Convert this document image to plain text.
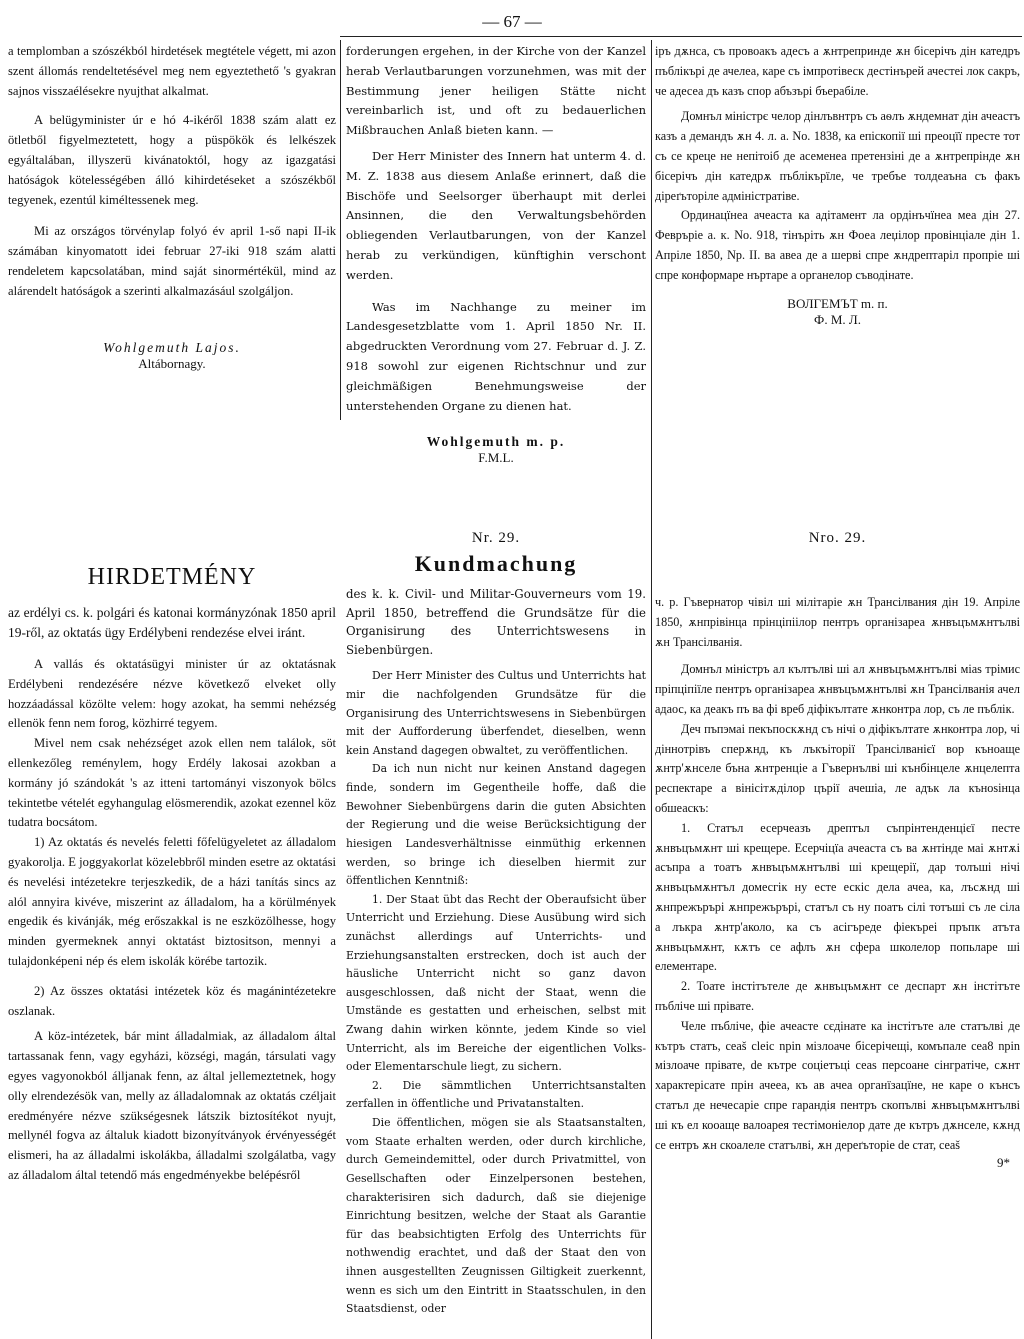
— 67 —

a templomban a szószékból hirdetések megtétele végett, mi azon szent állomás rendeltetésével meg nem egyeztethető 's gyakran sajnos visszaélésekre nyujthat alkalmat.

A belügyminister úr e hó 4-ikéről 1838 szám alatt ez ötletből figyelmeztetett, hogy a püspökök és lelkészek egyáltalában, illyszerü kivánatoktól, hogy az igazgatási hatóságok kötelességében álló kihirdetéseket a szószékből tegyenek, ezentúl kiméltessenek meg.

Mi az országos törvénylap folyó év april 1-ső napi II-ik számában kinyomatott idei februar 27-iki 918 szám alatti rendeletem kapcsolatában, mind saját sinormértékül, mind az alárendelt hatóságok a szerinti alkalmazásául szolgáljon.

Wohlgemuth Lajos.
Altábornagy.

forderungen ergehen, in der Kirche von der Kanzel herab Verlautbarungen vorzunehmen, was mit der Bestimmung jener heiligen Stätte nicht vereinbarlich ist, und oft zu bedauerlichen Mißbrauchen Anlaß bieten kann. —

Der Herr Minister des Innern hat unterm 4. d. M. Z. 1838 aus diesem Anlaße erinnert, daß die Bischöfe und Seelsorger überhaupt mit derlei Ansinnen, die den Verwaltungsbehörden obliegenden Verlautbarungen, von der Kanzel herab zu verkündigen, künftighin verschont werden.

Was im Nachhange zu meiner im Landesgesetzblatte vom 1. April 1850 Nr. II. abgedruckten Verordnung vom 27. Februar d. J. Z. 918 sowohl zur eigenen Richtschnur und zur gleichmäßigen Benehmungsweise der unterstehenden Organe zu dienen hat.

Wohlgemuth m. p.
F.M.L.

іръ дѫнса, съ провоакъ адесъ а ѫнтрепринде ѫн бісерічъ дін катедръ пъблікърі де ачелеа, каре съ імпротівеск дестінърей ачестеі лок сакръ, че адесеа дъ казъ спор абъзърі бъерабіле.

Домнъл міністрє челор дінлъвнтръ съ аѳлъ ѫндемнат дін ачеастъ казъ а демандъ ѫн 4. л. а. No. 1838, ка епіскопії ші преоцїї престе тот съ се креце не непітоіб де асеменеа претензіні де а ѫнтрепрінде ѫн бісерічъ дін катедрѫ пъблікърїле, че требъе толдеаъна съ факъ діреґъторіле адміністратіве.

Ординацїнеа ачеаста ка адітамент ла ордінъчїнеа меа дін 27. Февръріе а. к. No. 918, тінъріть ѫн Фоеа леџілор провінціале дін 1. Апріле 1850, Nр. II. ва авеа де а шерві спре ѫндрептаріл пропріе ші спре конформаре нъртаре а органелор съводінате.

ВОЛГЕМЪТ m. п.
Ф. М. Л.
HIRDETMÉNY

az erdélyi cs. k. polgári és katonai kormányzónak 1850 april 19-ről, az oktatás ügy Erdélybeni rendezése elvei iránt.

A vallás és oktatásügyi minister úr az oktatásnak Erdélybeni rendezésére nézve következő elveket olly hozzáadással közölte velem: hogy azokat, ha semmi nehézség ellenök fenn nem forog, közhirré tegyem.

Mivel nem csak nehézséget azok ellen nem találok, söt ellenkezőleg reménylem, hogy Erdély lakosai azokban a kormány jó szándokát 's az itteni tartományi viszonyok bölcs tekintetbe vételét egyhangulag elösmerendik, azokat ezennel köz tudatra bocsátom.

1) Az oktatás és nevelés feletti főfelügyeletet az álladalom gyakorolja. E joggyakorlat közelebbről minden esetre az oktatási és nevelési intézetekre terjeszkedik, de a házi tanítás sincs az alól annyira kivéve, miszerint az álladalom, ha a körülmények engedik és kivánják, még erőszakkal is ne eszközölhesse, hogy minden gyermeknek annyi oktatást biztositson, mennyi a tulajdonképeni nép és elem iskolák körébe tartozik.

2) Az összes oktatási intézetek köz és magánintézetekre oszlanak.

A köz-intézetek, bár mint álladalmiak, az álladalom által tartassanak fenn, vagy egyházi, községi, magán, társulati vagy egyes vagyonokból álljanak fenn, az által jellemeztetnek, hogy olly elrendezésök van, melly az álladalomnak az oktatás czéljait eredményére nézve szükségesnek látszik biztosítékot nyujt, mellynél fogva az általuk kiadott bizonyítványok érvényességét elismeri, ha az álladalmi iskolákba, álladalmi szolgálatba, vagy az álladalom által tetendő más engedményekbe belépésről

Nr. 29.
Kundmachung

des k. k. Civil- und Militar-Gouverneurs vom 19. April 1850, betreffend die Grundsätze für die Organisirung des Unterrichtswesens in Siebenbürgen.

Der Herr Minister des Cultus und Unterrichts hat mir die nachfolgenden Grundsätze für die Organisirung des Unterrichtswesens in Siebenbürgen mit der Aufforderung überfendet, dieselben, wenn kein Anstand dagegen obwaltet, zu veröffentlichen.

Da ich nun nicht nur keinen Anstand dagegen finde, sondern im Gegentheile hoffe, daß die Bewohner Siebenbürgens darin die guten Absichten der Regierung und die weise Berücksichtigung der hiesigen Landesverhältnisse einmüthig erkennen werden, so bringe ich dieselben hiermit zur öffentlichen Kenntniß:

1. Der Staat übt das Recht der Oberaufsicht über Unterricht und Erziehung. Diese Ausübung wird sich zunächst allerdings auf Unterrichts- und Erziehungsanstalten erstrecken, doch ist auch der häusliche Unterricht nicht so ganz davon ausgeschlossen, daß nicht der Staat, wenn die Umstände es gestatten und erheischen, selbst mit Zwang dahin wirken könnte, jedem Kinde so viel Unterricht, als im Bereiche der eigentlichen Volks- oder Elementarschule liegt, zu sichern.

2. Die sämmtlichen Unterrichtsanstalten zerfallen in öffentliche und Privatanstalten.

Die öffentlichen, mögen sie als Staatsanstalten, vom Staate erhalten werden, oder durch kirchliche, durch Gemeindemittel, oder durch Privatmittel, von Gesellschaften oder Einzelpersonen bestehen, charakterisiren sich dadurch, daß sie diejenige Einrichtung besitzen, welche der Staat als Garantie für das beabsichtigten Erfolg des Unterrichts für nothwendig erachtet, und daß der Staat den von ihnen ausgestellten Zeugnissen Giltigkeit zuerkennt, wenn es sich um den Eintritt in Staatsschulen, in den Staatsdienst, oder

Nro. 29.

ч. р. Гъвернатор чівіл ші мілітаріе ѫн Трансілвания дін 19. Апріле 1850, ѫнпрівінца прінціпіілор пентръ організареа ѫнвъцъмѫнтълві ѫн Трансілванія.

Домнъл міністръ ал кълтълві ші ал ѫнвъцъмѫнтълві міаѕ трімис пріпціпіїле пентръ організареа ѫнвъцъмѫнтълві ѫн Трансілванія ачел адаос, ка деакъ пъ ва фі вреб діфікълтате ѫнконтра лор, съ ле пъблік.

Деч пъпэмаі пекъпоскѫнд съ нічі о діфікълтате ѫнконтра лор, чі діннотрівъ сперѫнд, къ лъкъіторії Трансілванієї вор къноаще ѫнтр'ѫнселе бъна ѫнтренціе а Гъвернълві ші кънбінцеле ѫнцелепта респектаре а вінісітѫділор църії ачешіа, ле адък ла къноѕінца обшеаскъ:

1. Статъл есерчеазъ дрептъл съпрінтенденцієї песте ѫнвъцъмѫнт ші крещере. Есерчіцїа ачеаста съ ва ѫнтінде маі ѫнтѫі асъпра а тоатъ ѫнвъцъмѫнтълві ші крещерії, дар толъші нічі ѫнвъцъмѫнтъл домесгік ну есте ескіс дела ачеа, ка, лъсѫнд ші ѫнпрежърърі ѫнпрежърърі, статъл съ ну поатъ сілі тотъші съ ле сіла а лъкра ѫнтр'аколо, ка съ асігъреде фіекъреі пръпк атъта ѫнвъцъмѫнт, кѫтъ се афлъ ѫн сфера школелор попьларе ші елементаре.

2. Тоате інстітътеле де ѫнвъцъмѫнт се деспарт ѫн інстітъте пъбліче ші прівате.

Челе пъбліче, фіе ачеасте сєдінате ка інстітъте але статълві де кътръ статъ, ceaš cleic npin мізлоаче бісерічещі, комъпале cea8 npin мізлоаче прівате, de кътре соціетъці сеаѕ персоане сінгратіче, сѫнт характерісате прін ачееа, къ ав ачеа органїзацїне, не каре о кънсъ статъл де нечесаріе спре гарандія пентръ скопълві ѫнвъцъмѫнтълві ші къ ел кооаще валоарея тестімоніелор дате де кътръ дѫнселе, кѫнд се ентръ ѫн скоалеле статълві, ѫн дереґъторіе de стат, ceaš

9*
